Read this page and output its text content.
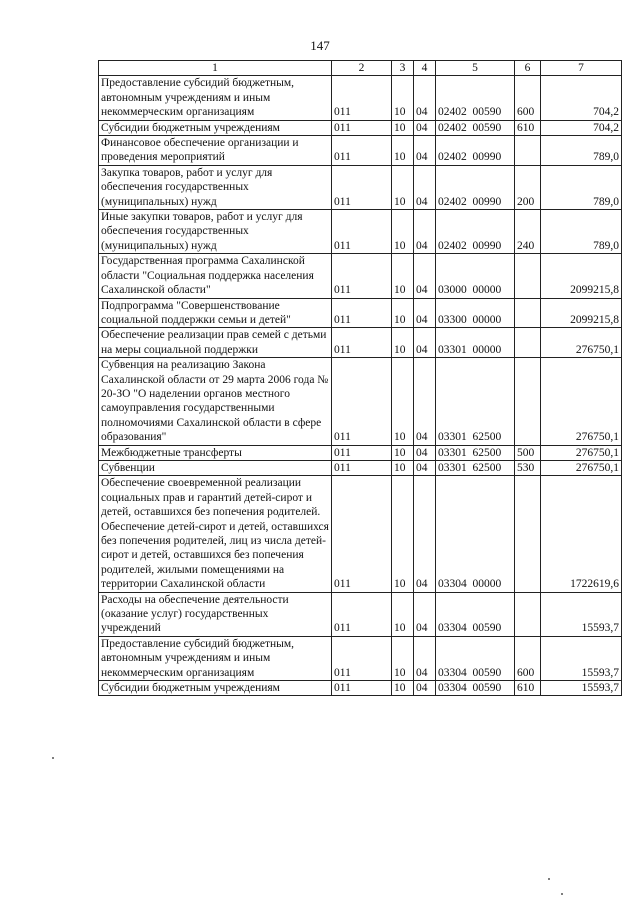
147
1	2	3	4	5	6	7
Предоставление субсидий бюджетным, автономным учреждениям и иным некоммерческим организациям	011	10	04	02402  00590	600	704,2
Субсидии бюджетным учреждениям	011	10	04	02402  00590	610	704,2
Финансовое обеспечение организации и проведения мероприятий	011	10	04	02402  00990		789,0
Закупка товаров, работ и услуг для обеспечения государственных (муниципальных) нужд	011	10	04	02402  00990	200	789,0
Иные закупки товаров, работ и услуг для обеспечения государственных (муниципальных) нужд	011	10	04	02402  00990	240	789,0
Государственная программа Сахалинской области "Социальная поддержка населения Сахалинской области"	011	10	04	03000  00000		2099215,8
Подпрограмма "Совершенствование социальной поддержки семьи и детей"	011	10	04	03300  00000		2099215,8
Обеспечение реализации прав семей с детьми на меры социальной поддержки	011	10	04	03301  00000		276750,1
Субвенция на реализацию Закона Сахалинской области от 29 марта 2006 года № 20-ЗО "О наделении органов местного самоуправления государственными полномочиями Сахалинской области в сфере образования"	011	10	04	03301  62500		276750,1
Межбюджетные трансферты	011	10	04	03301  62500	500	276750,1
Субвенции	011	10	04	03301  62500	530	276750,1
Обеспечение своевременной реализации социальных прав и гарантий детей-сирот и детей, оставшихся без попечения родителей. Обеспечение детей-сирот и детей, оставшихся без попечения родителей, лиц из числа детей-сирот и детей, оставшихся без попечения родителей, жилыми помещениями на территории Сахалинской области	011	10	04	03304  00000		1722619,6
Расходы на обеспечение деятельности (оказание услуг) государственных учреждений	011	10	04	03304  00590		15593,7
Предоставление субсидий бюджетным, автономным учреждениям и иным некоммерческим организациям	011	10	04	03304  00590	600	15593,7
Субсидии бюджетным учреждениям	011	10	04	03304  00590	610	15593,7
